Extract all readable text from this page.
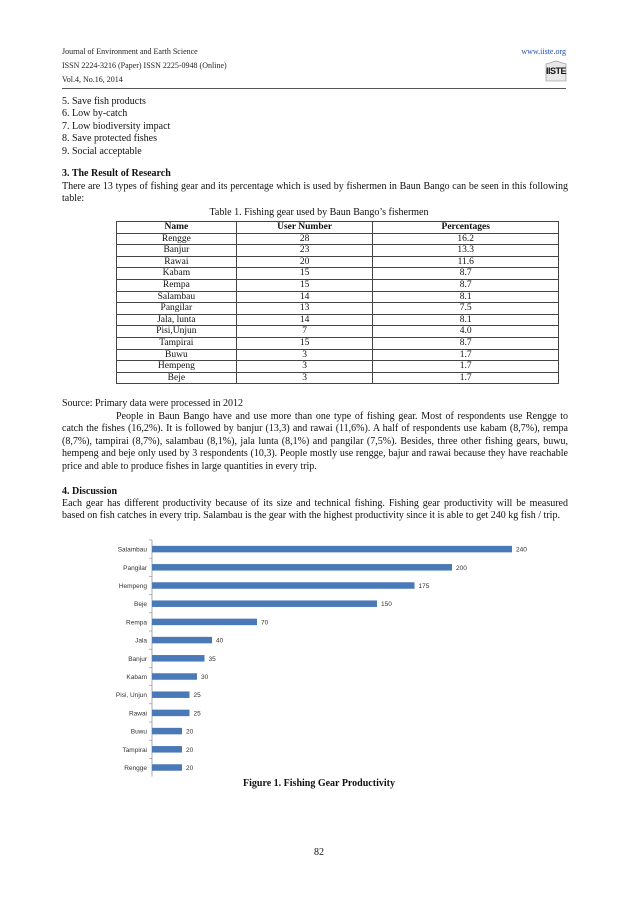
Journal of Environment and Earth Science
ISSN 2224-3216 (Paper) ISSN 2225-0948 (Online)
Vol.4, No.16, 2014
www.iiste.org
IISTE
5. Save fish products
6. Low by-catch
7. Low biodiversity impact
8. Save protected fishes
9. Social acceptable
3. The Result of Research
There are 13 types of fishing gear and its percentage which is used by fishermen in Baun Bango can be seen in this following table:
Table 1. Fishing gear used by Baun Bango’s fishermen
Name	User Number	Percentages
Rengge	28	16.2
Banjur	23	13.3
Rawai	20	11.6
Kabam	15	8.7
Rempa	15	8.7
Salambau	14	8.1
Pangilar	13	7.5
Jala, lunta	14	8.1
Pisi,Unjun	7	4.0
Tampirai	15	8.7
Buwu	3	1.7
Hempeng	3	1.7
Beje	3	1.7
Source: Primary data were processed in 2012
People in Baun Bango have and use more than one type of fishing gear. Most of respondents use Rengge to catch the fishes (16,2%). It is followed by banjur (13,3) and rawai (11,6%). A half of respondents use kabam (8,7%), rempa (8,7%), tampirai (8,7%), salambau (8,1%), jala lunta (8,1%) and pangilar (7,5%). Besides, three other fishing gears, buwu, hempeng and beje only used by 3 respondents (10,3). People mostly use rengge, bajur and rawai because they have reachable price and able to produce fishes in large quantities in every trip.
4. Discussion
Each gear has different productivity because of its size and technical fishing. Fishing gear productivity will be measured based on fish catches in every trip. Salambau is the gear with the highest productivity since it is able to get 240 kg fish / trip.
Salambau	240
Pangilar	200
Hempeng	175
Beje	150
Rempa	70
Jala	40
Banjur	35
Kabam	30
Pisi, Unjun	25
Rawai	25
Buwu	20
Tampirai	20
Rengge	20
Figure 1. Fishing Gear Productivity
82
